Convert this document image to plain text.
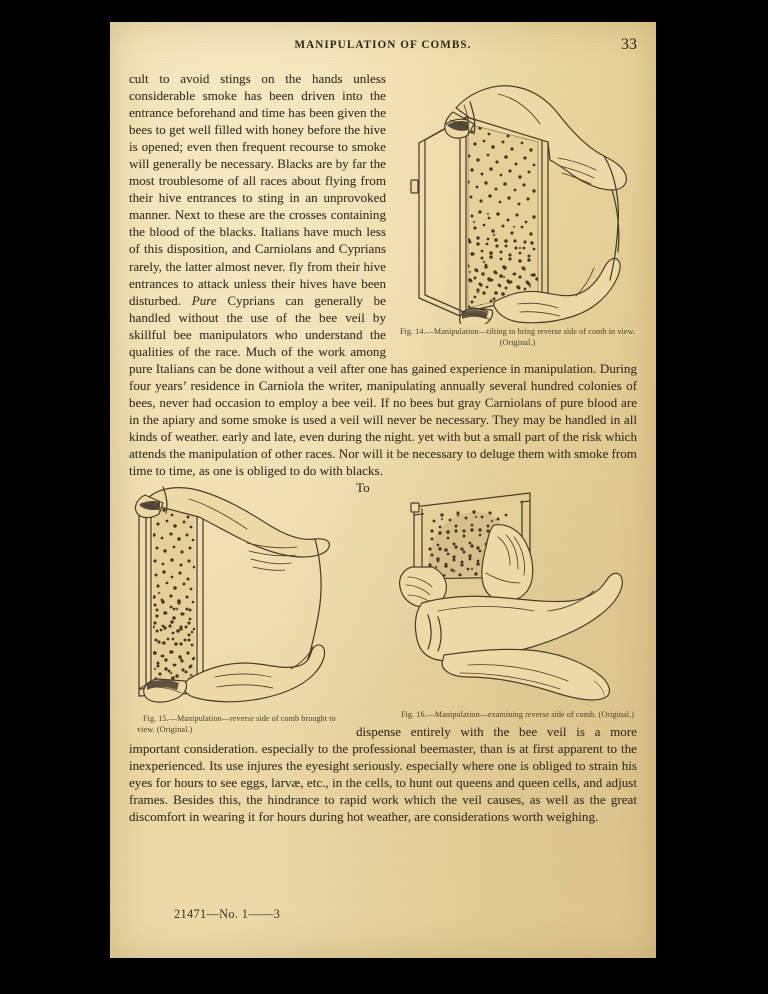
MANIPULATION OF COMBS.	33
Fig. 14.—Manipulation—tilting to bring reverse side of comb in view. (Original.)

cult to avoid stings on the hands unless considerable smoke has been driven into the entrance beforehand and time has been given the bees to get well filled with honey before the hive is opened; even then frequent recourse to smoke will generally be necessary. Blacks are by far the most troublesome of all races about flying from their hive entrances to sting in an unprovoked manner. Next to these are the crosses containing the blood of the blacks. Italians have much less of this disposition, and Carniolans and Cyprians rarely, the latter almost never. fly from their hive entrances to attack unless their hives have been disturbed. Pure Cyprians can generally be handled without the use of the bee veil by skillful bee manipulators who understand the qualities of the race. Much of the work among pure Italians can be done without a veil after one has gained experience in manipulation. During four years’ residence in Carniola the writer, manipulating annually several hundred colonies of bees, never had occasion to employ a bee veil. If no bees but gray Carniolans of pure blood are in the apiary and some smoke is used a veil will never be necessary. They may be handled in all kinds of weather. early and late, even during the night. yet with but a small part of the risk which attends the manipulation of other races. Nor will it be necessary to deluge them with smoke from time to time, as one is obliged to do with blacks.

Fig. 15.—Manipulation—reverse side of comb brought to view. (Original.)
Fig. 16.—Manipulation—examining reverse side of comb. (Original.)

To dispense entirely with the bee veil is a more important consideration. especially to the professional beemaster, than is at first apparent to the inexperienced. Its use injures the eyesight seriously. especially where one is obliged to strain his eyes for hours to see eggs, larvæ, etc., in the cells, to hunt out queens and queen cells, and adjust frames. Besides this, the hindrance to rapid work which the veil causes, as well as the great discomfort in wearing it for hours during hot weather, are considerations worth weighing.

21471—No. 1——3
